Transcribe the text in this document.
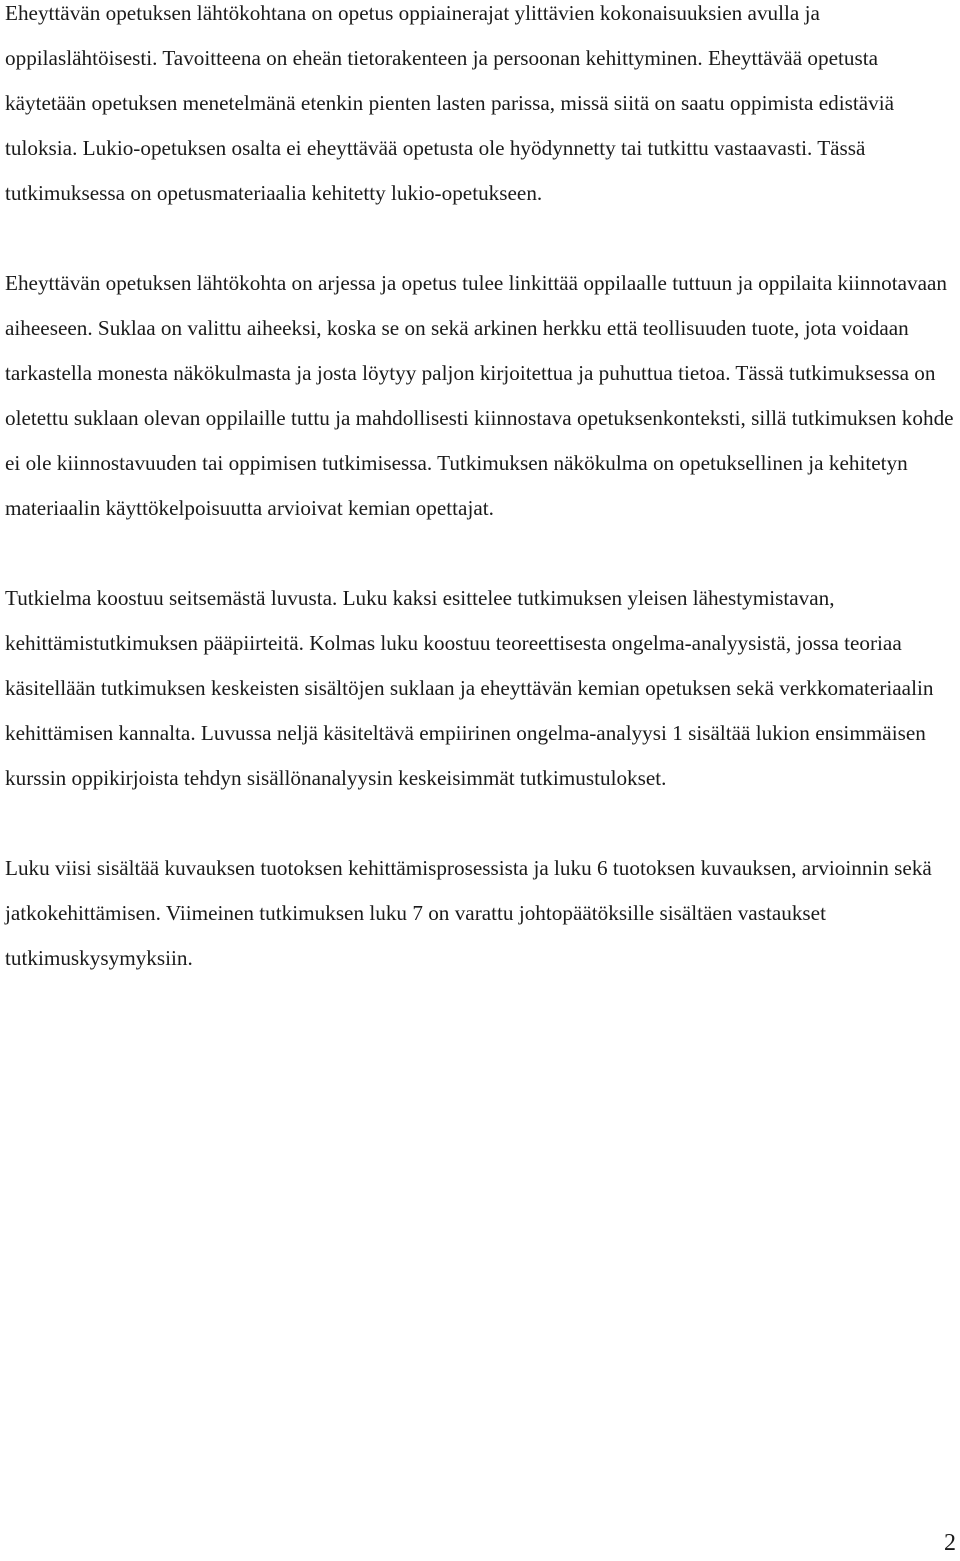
Eheyttävän opetuksen lähtökohtana on opetus oppiainerajat ylittävien kokonaisuuksien avulla ja oppilaslähtöisesti. Tavoitteena on eheän tietorakenteen ja persoonan kehittyminen. Eheyttävää opetusta käytetään opetuksen menetelmänä etenkin pienten lasten parissa, missä siitä on saatu oppimista edistäviä tuloksia. Lukio-opetuksen osalta ei eheyttävää opetusta ole hyödynnetty tai tutkittu vastaavasti. Tässä tutkimuksessa on opetusmateriaalia kehitetty lukio-opetukseen.

Eheyttävän opetuksen lähtökohta on arjessa ja opetus tulee linkittää oppilaalle tuttuun ja oppilaita kiinnotavaan aiheeseen. Suklaa on valittu aiheeksi, koska se on sekä arkinen herkku että teollisuuden tuote, jota voidaan tarkastella monesta näkökulmasta ja josta löytyy paljon kirjoitettua ja puhuttua tietoa. Tässä tutkimuksessa on oletettu suklaan olevan oppilaille tuttu ja mahdollisesti kiinnostava opetuksenkonteksti, sillä tutkimuksen kohde ei ole kiinnostavuuden tai oppimisen tutkimisessa. Tutkimuksen näkökulma on opetuksellinen ja kehitetyn materiaalin käyttökelpoisuutta arvioivat kemian opettajat.

Tutkielma koostuu seitsemästä luvusta. Luku kaksi esittelee tutkimuksen yleisen lähestymistavan, kehittämistutkimuksen pääpiirteitä. Kolmas luku koostuu teoreettisesta ongelma-analyysistä, jossa teoriaa käsitellään tutkimuksen keskeisten sisältöjen suklaan ja eheyttävän kemian opetuksen sekä verkkomateriaalin kehittämisen kannalta. Luvussa neljä käsiteltävä empiirinen ongelma-analyysi 1 sisältää lukion ensimmäisen kurssin oppikirjoista tehdyn sisällönanalyysin keskeisimmät tutkimustulokset.

Luku viisi sisältää kuvauksen tuotoksen kehittämisprosessista ja luku 6 tuotoksen kuvauksen, arvioinnin sekä jatkokehittämisen. Viimeinen tutkimuksen luku 7 on varattu johtopäätöksille sisältäen vastaukset tutkimuskysymyksiin.

2
